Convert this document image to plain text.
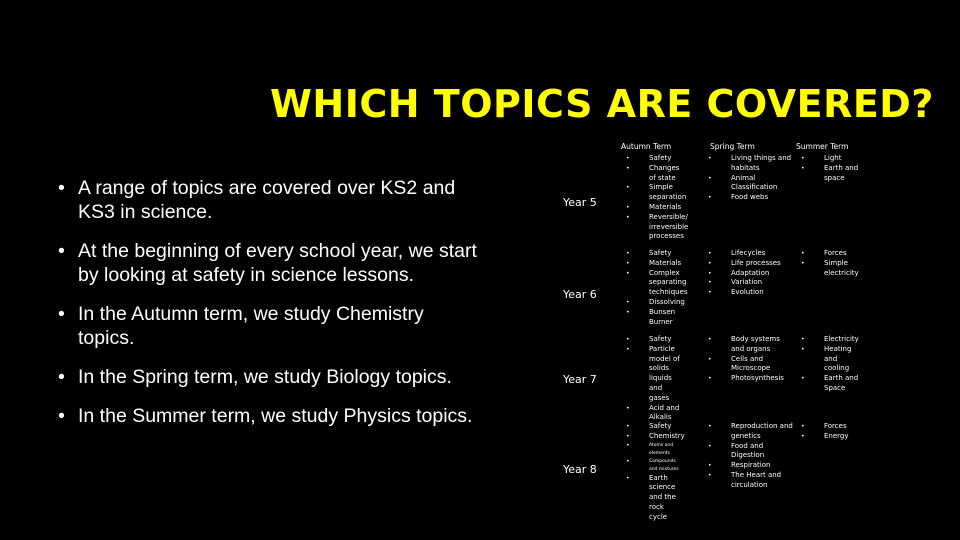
WHICH TOPICS ARE COVERED?
• A range of topics are covered over KS2 and KS3 in science.
• At the beginning of every school year, we start by looking at safety in science lessons.
• In the Autumn term, we study Chemistry topics.
• In the Spring term, we study Biology topics.
• In the Summer term, we study Physics topics.
Autumn Term	Spring Term	Summer Term
Year 5
• Safety
• Changes of state
• Simple separation
• Materials
• Reversible/ irreversible processes
• Living things and habitats
• Animal Classification
• Food webs
• Light
• Earth and space
Year 6
• Safety
• Materials
• Complex separating techniques
• Dissolving
• Bunsen Burner
• Lifecycles
• Life processes
• Adaptation
• Variation
• Evolution
• Forces
• Simple electricity
Year 7
• Safety
• Particle model of solids liquids and gases
• Acid and Alkalis
• Body systems and organs
• Cells and Microscope
• Photosynthesis
• Electricity
• Heating and cooling
• Earth and Space
Year 8
• Safety
• Chemistry
• Atoms and elements
• Compounds and mixtures
• Earth science and the rock cycle
• Reproduction and genetics
• Food and Digestion
• Respiration
• The Heart and circulation
• Forces
• Energy
